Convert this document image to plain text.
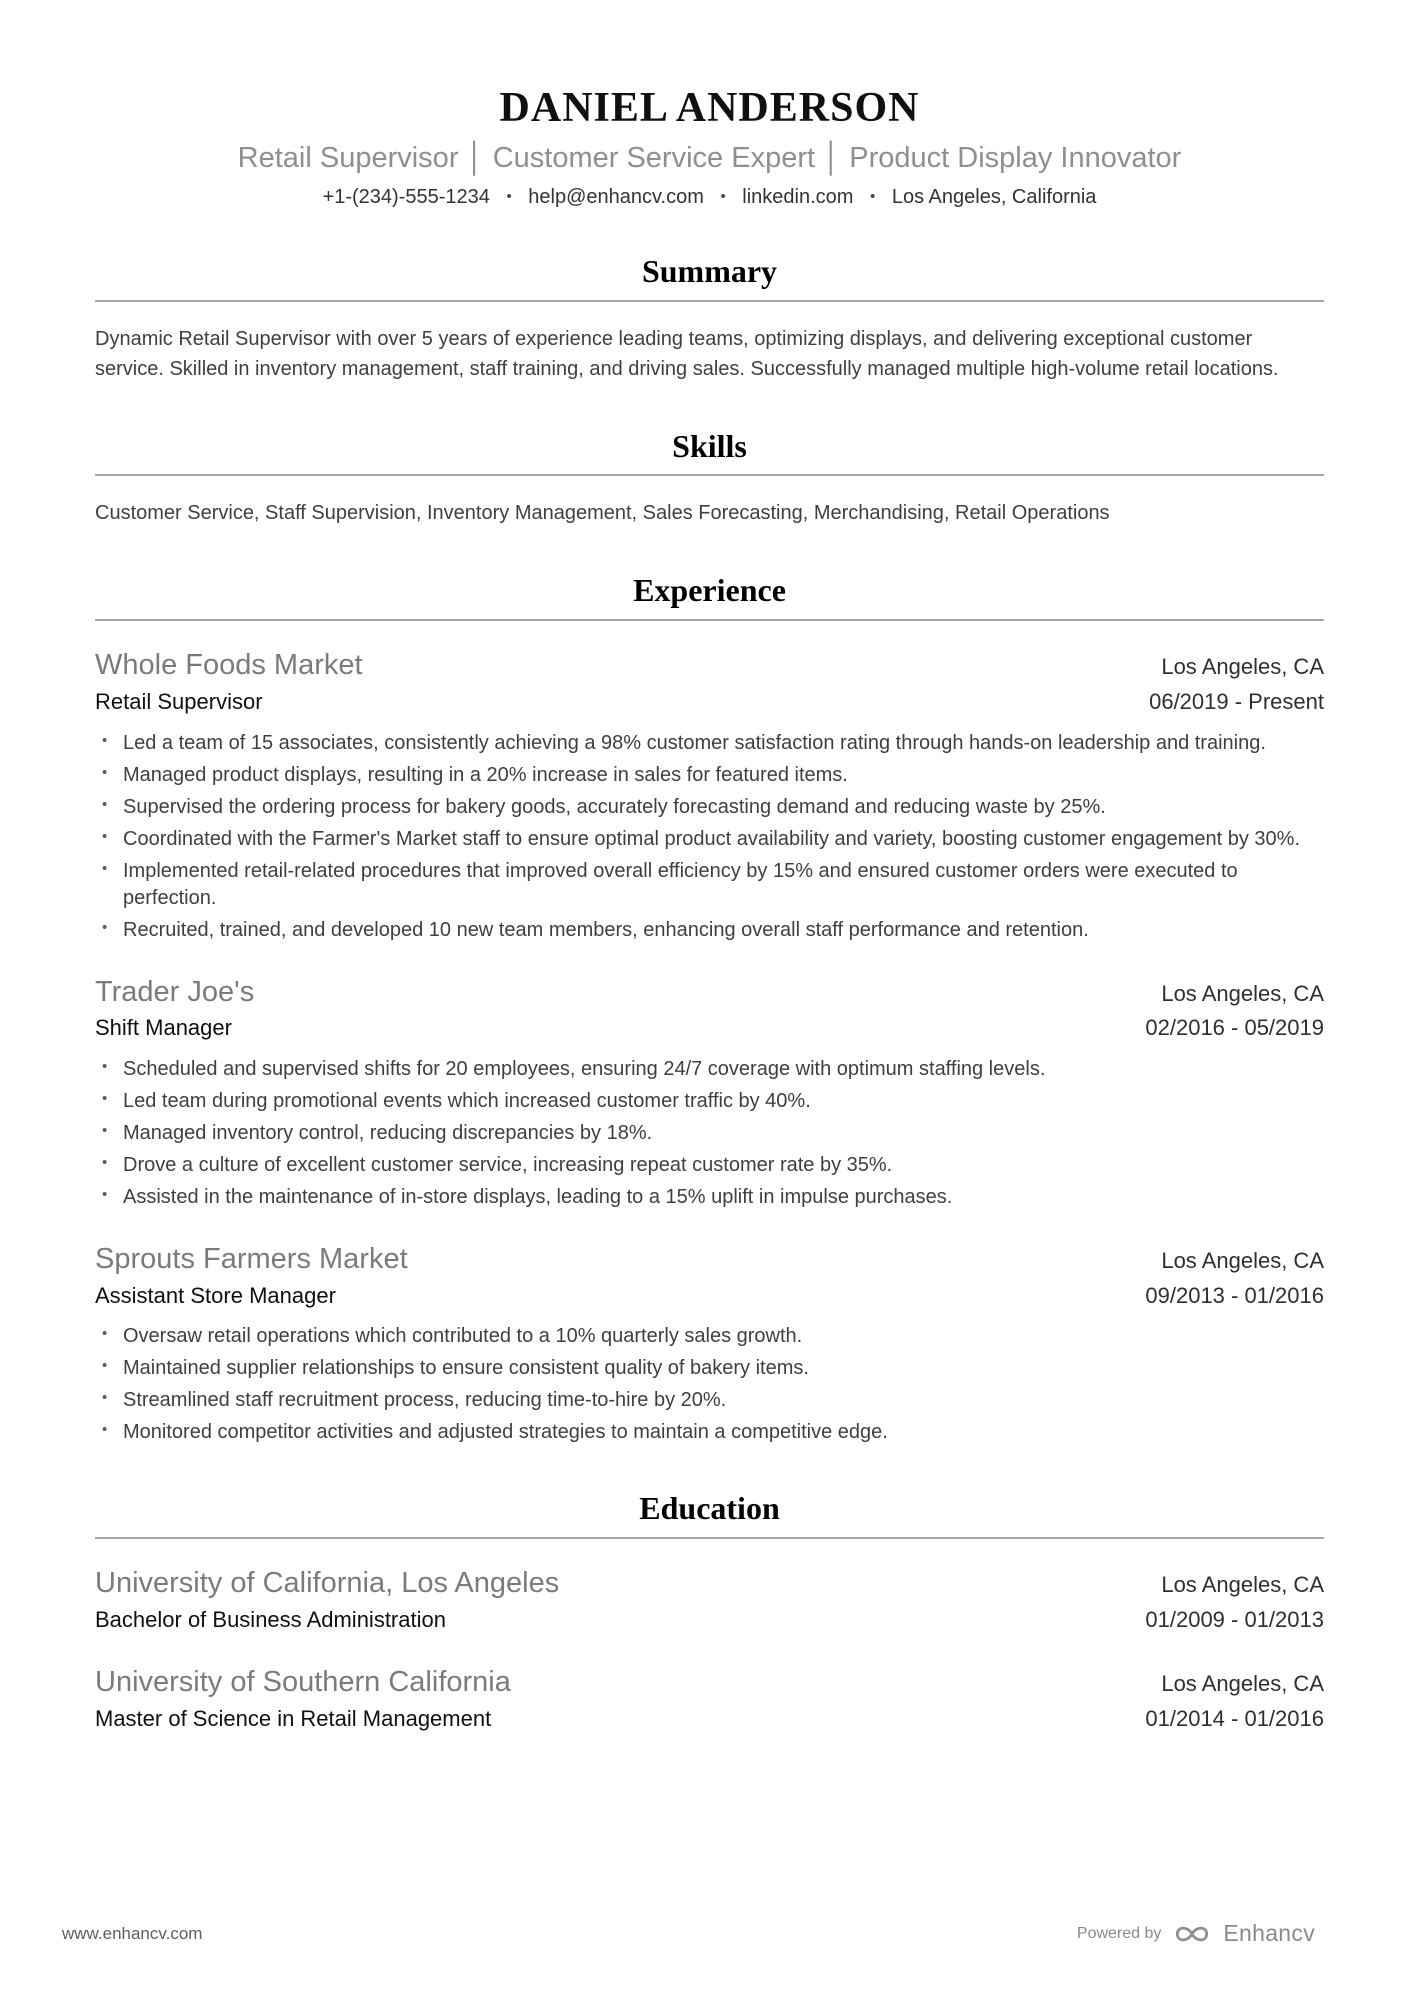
DANIEL ANDERSON
Retail Supervisor │ Customer Service Expert │ Product Display Innovator
+1-(234)-555-1234 • help@enhancv.com • linkedin.com • Los Angeles, California
Summary

Dynamic Retail Supervisor with over 5 years of experience leading teams, optimizing displays, and delivering exceptional customer service. Skilled in inventory management, staff training, and driving sales. Successfully managed multiple high-volume retail locations.

Skills

Customer Service, Staff Supervision, Inventory Management, Sales Forecasting, Merchandising, Retail Operations

Experience
Whole Foods Market	Los Angeles, CA
Retail Supervisor	06/2019 - Present
• Led a team of 15 associates, consistently achieving a 98% customer satisfaction rating through hands-on leadership and training.
• Managed product displays, resulting in a 20% increase in sales for featured items.
• Supervised the ordering process for bakery goods, accurately forecasting demand and reducing waste by 25%.
• Coordinated with the Farmer's Market staff to ensure optimal product availability and variety, boosting customer engagement by 30%.
• Implemented retail-related procedures that improved overall efficiency by 15% and ensured customer orders were executed to perfection.
• Recruited, trained, and developed 10 new team members, enhancing overall staff performance and retention.
Trader Joe's	Los Angeles, CA
Shift Manager	02/2016 - 05/2019
• Scheduled and supervised shifts for 20 employees, ensuring 24/7 coverage with optimum staffing levels.
• Led team during promotional events which increased customer traffic by 40%.
• Managed inventory control, reducing discrepancies by 18%.
• Drove a culture of excellent customer service, increasing repeat customer rate by 35%.
• Assisted in the maintenance of in-store displays, leading to a 15% uplift in impulse purchases.
Sprouts Farmers Market	Los Angeles, CA
Assistant Store Manager	09/2013 - 01/2016
• Oversaw retail operations which contributed to a 10% quarterly sales growth.
• Maintained supplier relationships to ensure consistent quality of bakery items.
• Streamlined staff recruitment process, reducing time-to-hire by 20%.
• Monitored competitor activities and adjusted strategies to maintain a competitive edge.
Education
University of California, Los Angeles	Los Angeles, CA
Bachelor of Business Administration	01/2009 - 01/2013
University of Southern California	Los Angeles, CA
Master of Science in Retail Management	01/2014 - 01/2016
www.enhancv.com	Powered by	Enhancv
